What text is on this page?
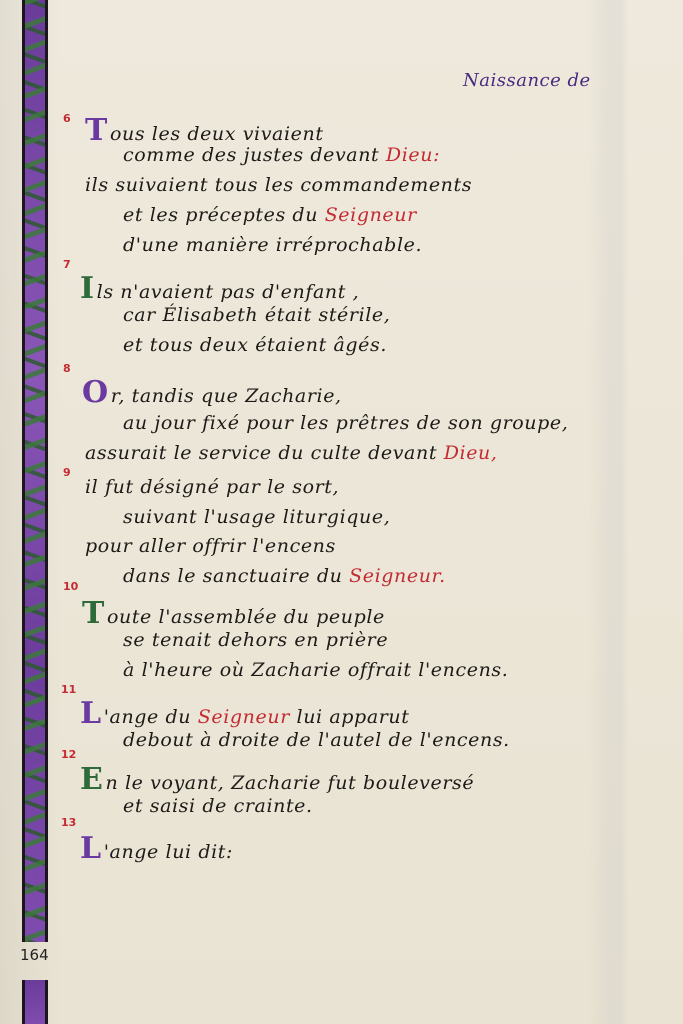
164
Naissance de
6 Tous les deux vivaient
comme des justes devant Dieu:
ils suivaient tous les commandements
et les préceptes du Seigneur
d'une manière irréprochable.
7
Ils n'avaient pas d'enfant ,
car Élisabeth était stérile,
et tous deux étaient âgés.
8
Or, tandis que Zacharie,
au jour fixé pour les prêtres de son groupe,
assurait le service du culte devant Dieu,
9
il fut désigné par le sort,
suivant l'usage liturgique,
pour aller offrir l'encens
dans le sanctuaire du Seigneur.
10
Toute l'assemblée du peuple
se tenait dehors en prière
à l'heure où Zacharie offrait l'encens.
11
L 'ange du Seigneur lui apparut
debout à droite de l'autel de l'encens.
12
En le voyant, Zacharie fut bouleversé
et saisi de crainte.
13
L 'ange lui dit:
